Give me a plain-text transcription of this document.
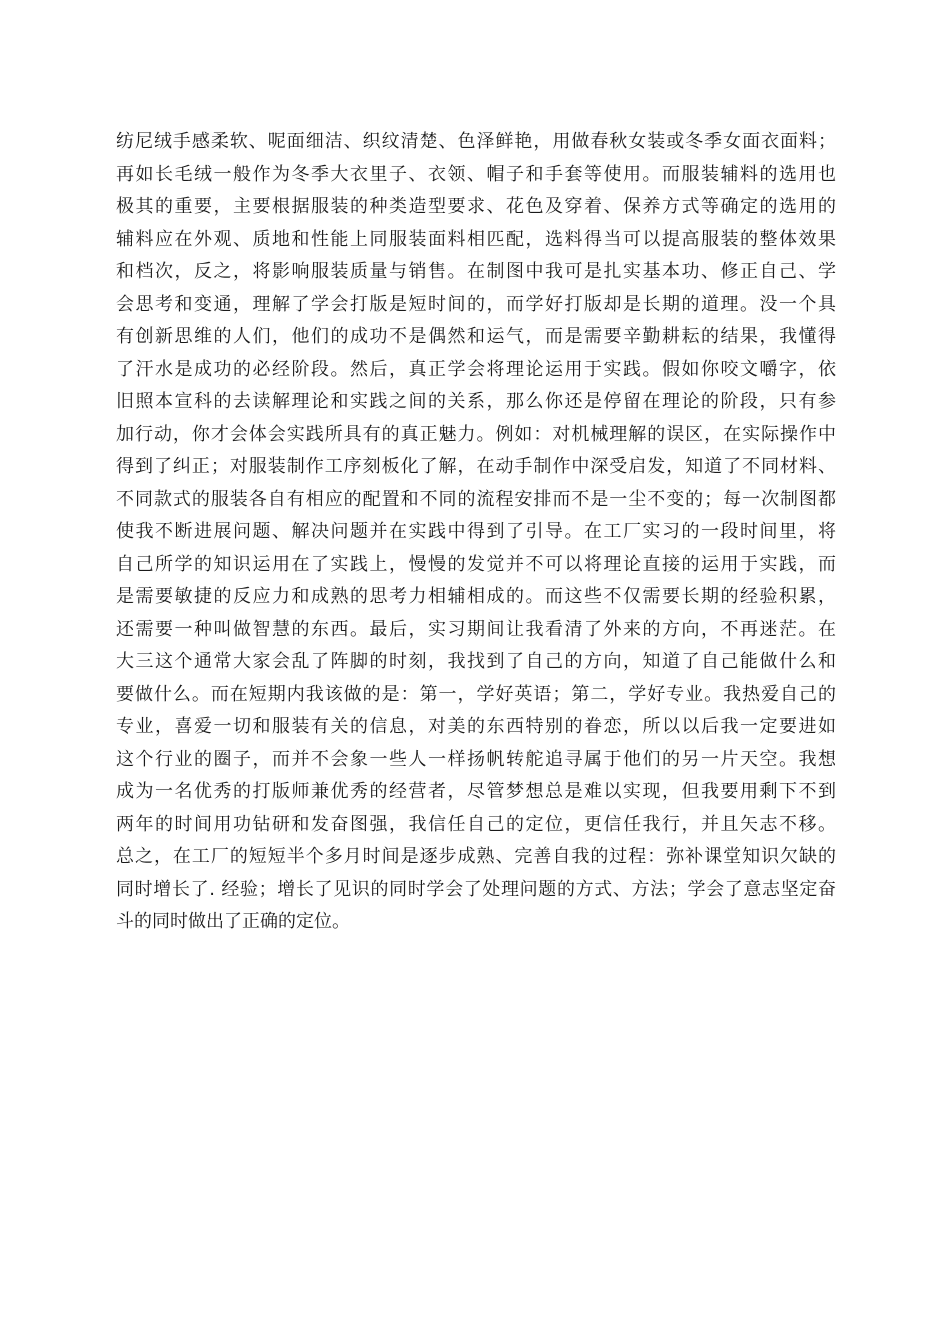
纺尼绒手感柔软、呢面细洁、织纹清楚、色泽鲜艳，用做春秋女装或冬季女面衣面料；
再如长毛绒一般作为冬季大衣里子、衣领、帽子和手套等使用。而服装辅料的选用也
极其的重要，主要根据服装的种类造型要求、花色及穿着、保养方式等确定的选用的
辅料应在外观、质地和性能上同服装面料相匹配，选料得当可以提高服装的整体效果
和档次，反之，将影响服装质量与销售。在制图中我可是扎实基本功、修正自己、学
会思考和变通，理解了学会打版是短时间的，而学好打版却是长期的道理。没一个具
有创新思维的人们，他们的成功不是偶然和运气，而是需要辛勤耕耘的结果，我懂得
了汗水是成功的必经阶段。然后，真正学会将理论运用于实践。假如你咬文嚼字，依
旧照本宣科的去读解理论和实践之间的关系，那么你还是停留在理论的阶段，只有参
加行动，你才会体会实践所具有的真正魅力。例如：对机械理解的误区，在实际操作中
得到了纠正；对服装制作工序刻板化了解，在动手制作中深受启发，知道了不同材料、
不同款式的服装各自有相应的配置和不同的流程安排而不是一尘不变的；每一次制图都
使我不断进展问题、解决问题并在实践中得到了引导。在工厂实习的一段时间里，将
自己所学的知识运用在了实践上，慢慢的发觉并不可以将理论直接的运用于实践，而
是需要敏捷的反应力和成熟的思考力相辅相成的。而这些不仅需要长期的经验积累，
还需要一种叫做智慧的东西。最后，实习期间让我看清了外来的方向，不再迷茫。在
大三这个通常大家会乱了阵脚的时刻，我找到了自己的方向，知道了自己能做什么和
要做什么。而在短期内我该做的是：第一，学好英语；第二，学好专业。我热爱自己的
专业，喜爱一切和服装有关的信息，对美的东西特别的眷恋，所以以后我一定要进如
这个行业的圈子，而并不会象一些人一样扬帆转舵追寻属于他们的另一片天空。我想
成为一名优秀的打版师兼优秀的经营者，尽管梦想总是难以实现，但我要用剩下不到
两年的时间用功钻研和发奋图强，我信任自己的定位，更信任我行，并且矢志不移。
总之，在工厂的短短半个多月时间是逐步成熟、完善自我的过程：弥补课堂知识欠缺的
同时增长了. 经验；增长了见识的同时学会了处理问题的方式、方法；学会了意志坚定奋
斗的同时做出了正确的定位。
